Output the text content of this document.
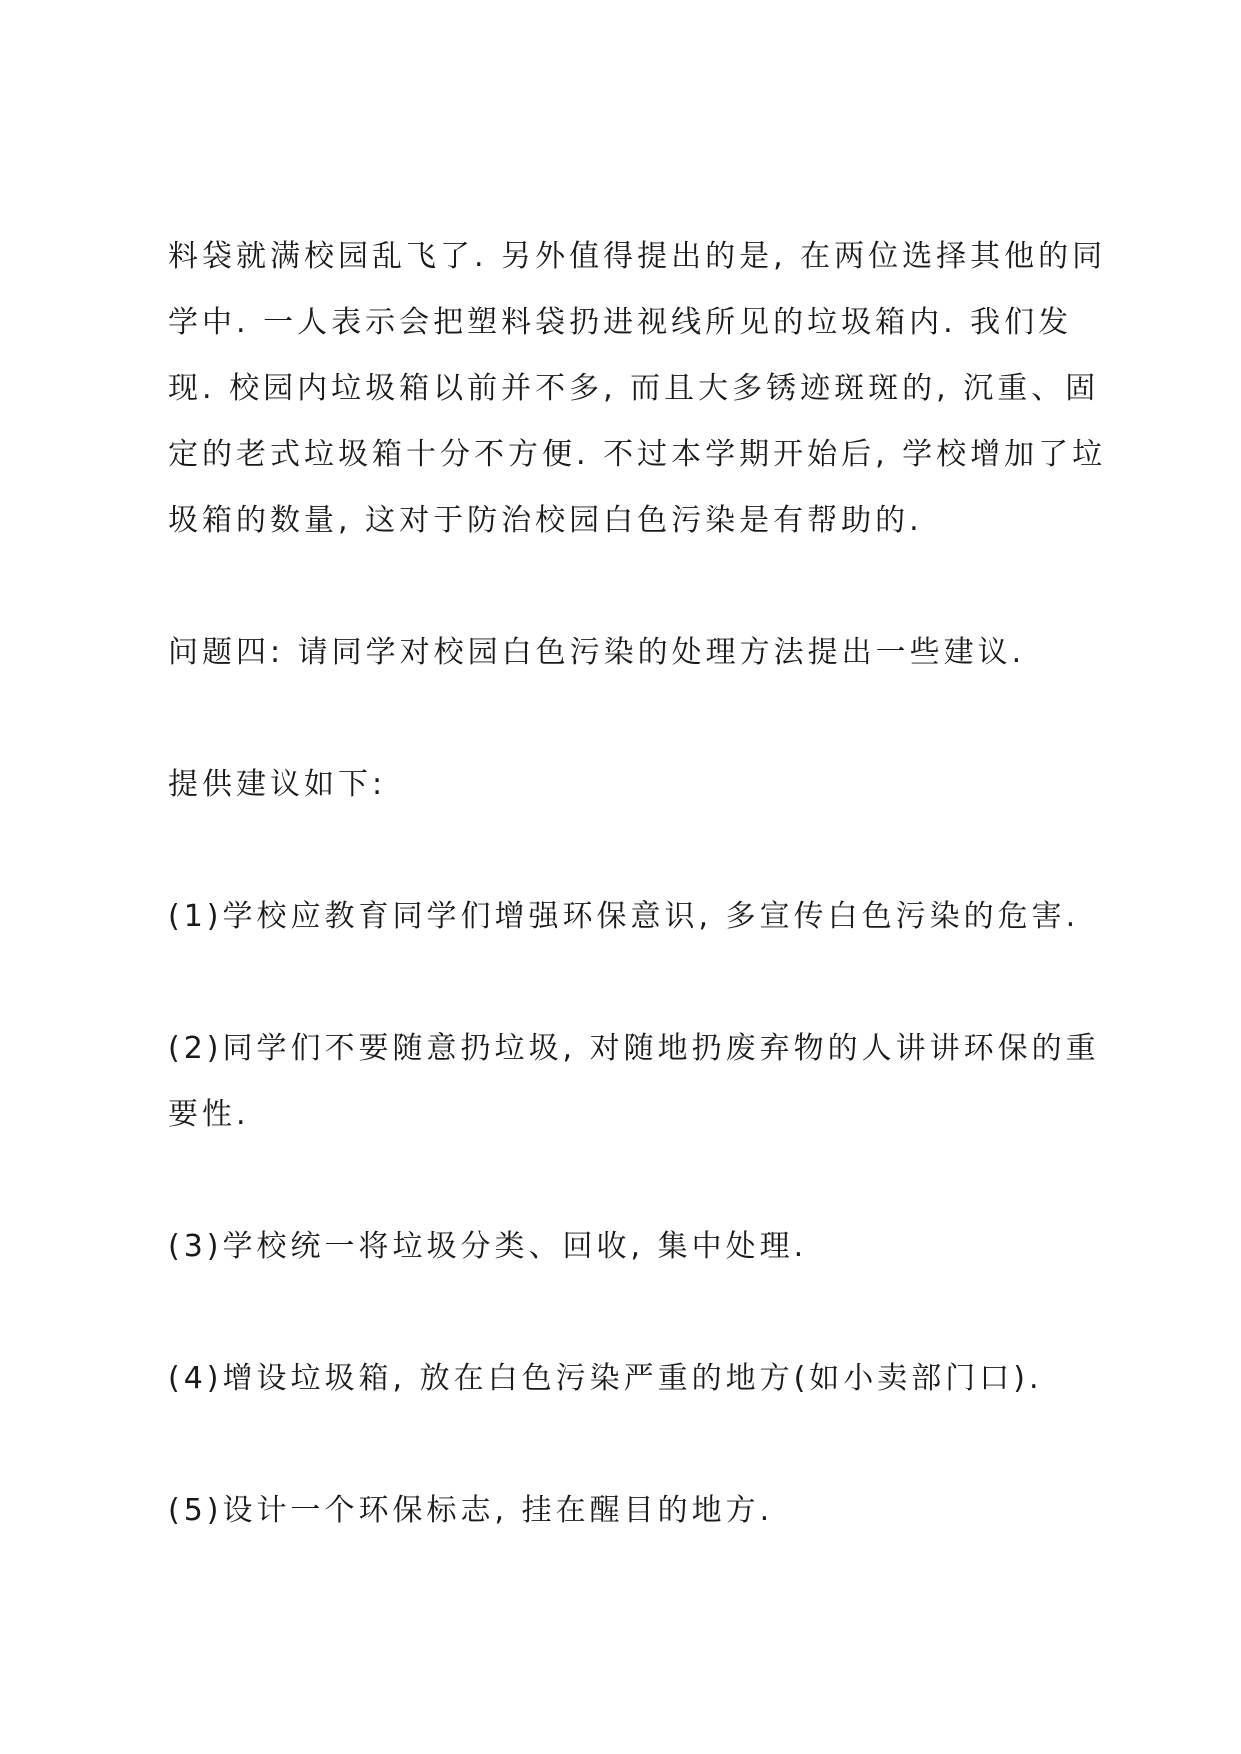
料袋就满校园乱飞了. 另外值得提出的是, 在两位选择其他的同
学中. 一人表示会把塑料袋扔进视线所见的垃圾箱内. 我们发
现. 校园内垃圾箱以前并不多, 而且大多锈迹斑斑的, 沉重、固
定的老式垃圾箱十分不方便. 不过本学期开始后, 学校增加了垃
圾箱的数量, 这对于防治校园白色污染是有帮助的.

问题四: 请同学对校园白色污染的处理方法提出一些建议.

提供建议如下:

(1)学校应教育同学们增强环保意识, 多宣传白色污染的危害.

(2)同学们不要随意扔垃圾, 对随地扔废弃物的人讲讲环保的重
要性.

(3)学校统一将垃圾分类、回收, 集中处理.

(4)增设垃圾箱, 放在白色污染严重的地方(如小卖部门口).

(5)设计一个环保标志, 挂在醒目的地方.
